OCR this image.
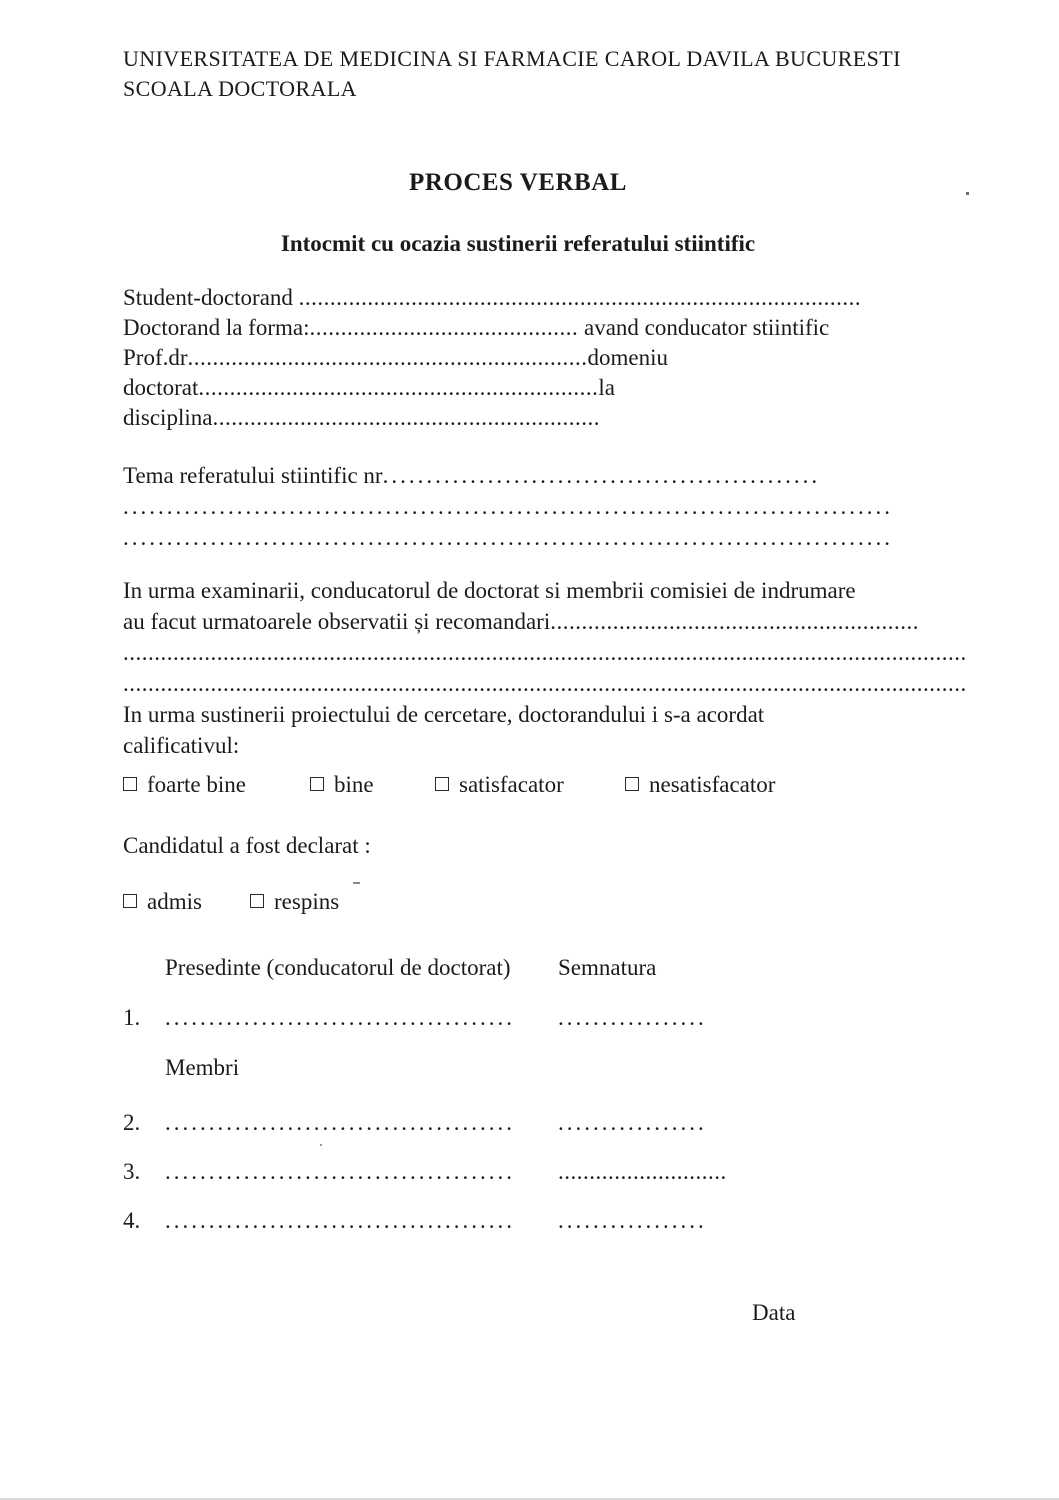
UNIVERSITATEA DE MEDICINA SI FARMACIE CAROL DAVILA BUCURESTI
SCOALA DOCTORALA
PROCES VERBAL
Intocmit cu ocazia sustinerii referatului stiintific
Student-doctorand ..........................................................................................
Doctorand la forma:........................................... avand conducator stiintific
Prof.dr................................................................domeniu
doctorat................................................................la
disciplina..............................................................
Tema referatului stiintific nr..................................................
........................................................................................
........................................................................................
In urma examinarii, conducatorul de doctorat si membrii comisiei de indrumare
au facut urmatoarele observatii și recomandari...........................................................
.......................................................................................................................................
.......................................................................................................................................
In urma sustinerii proiectului de cercetare, doctorandului i s-a acordat
calificativul:
foarte bine	bine	satisfacator	nesatisfacator
Candidatul a fost declarat :
admis	respins
Presedinte (conducatorul de doctorat) Semnatura
1. ........................................ .................
Membri
2. ........................................ .................
3. ........................................ ...........................
4. ........................................ .................
Data
